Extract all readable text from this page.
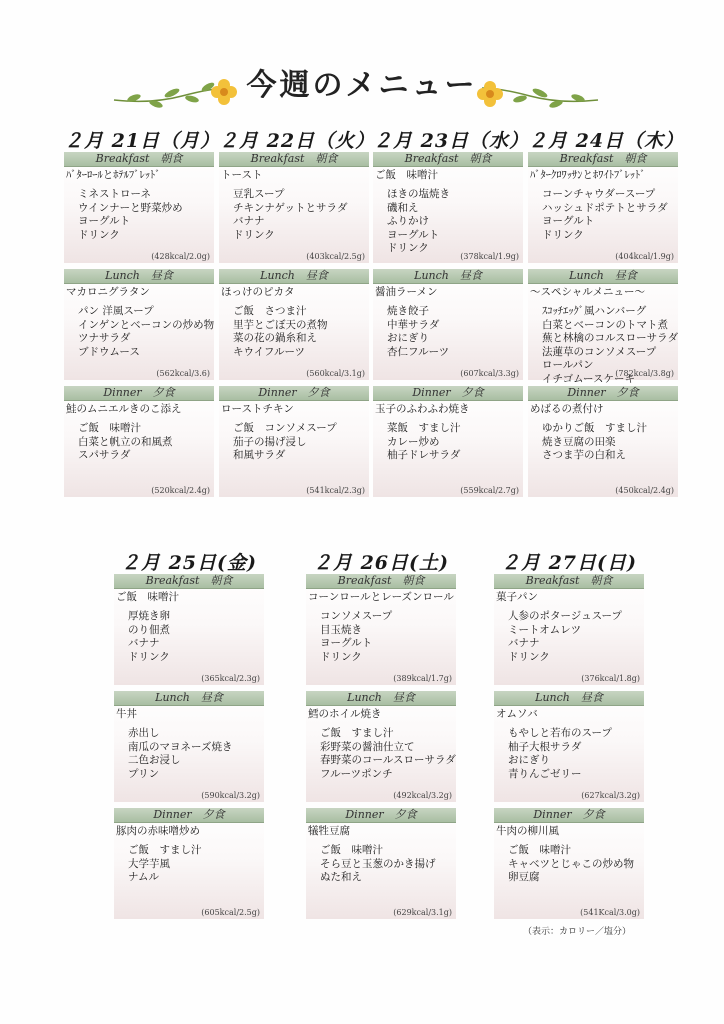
今週のメニュー
２月 21日（月）
Breakfast　朝食
ﾊﾞﾀｰﾛｰﾙとﾎﾃﾙﾌﾞﾚｯﾄﾞ
ミネストローネ
ウインナーと野菜炒め
ヨーグルト
ドリンク
(428kcal/2.0g)
Lunch　昼食
マカロニグラタン
パン 洋風スープ
インゲンとベーコンの炒め物
ツナサラダ
ブドウムース
(562kcal/3.6)
Dinner　夕食
鮭のムニエルきのこ添え
ご飯　味噌汁
白菜と帆立の和風煮
スパサラダ
(520kcal/2.4g)
２月 22日（火）
Breakfast　朝食
トースト
豆乳スープ
チキンナゲットとサラダ
バナナ
ドリンク
(403kcal/2.5g)
Lunch　昼食
ほっけのピカタ
ご飯　さつま汁
里芋とごぼ天の煮物
菜の花の鍋糸和え
キウイフルーツ
(560kcal/3.1g)
Dinner　夕食
ローストチキン
ご飯　コンソメスープ
茄子の揚げ浸し
和風サラダ
(541kcal/2.3g)
２月 23日（水）
Breakfast　朝食
ご飯　味噌汁
ほきの塩焼き
磯和え
ふりかけ
ヨーグルト
ドリンク
(378kcal/1.9g)
Lunch　昼食
醤油ラーメン
焼き餃子
中華サラダ
おにぎり
杏仁フルーツ
(607kcal/3.3g)
Dinner　夕食
玉子のふわふわ焼き
菜飯　すまし汁
カレー炒め
柚子ドレサラダ
(559kcal/2.7g)
２月 24日（木）
Breakfast　朝食
ﾊﾞﾀｰｸﾛﾜｯｻﾝとﾎﾜｲﾄﾌﾞﾚｯﾄﾞ
コーンチャウダースープ
ハッシュドポテトとサラダ
ヨーグルト
ドリンク
(404kcal/1.9g)
Lunch　昼食
～スペシャルメニュー～
ｽｺｯﾁｴｯｸﾞ風ハンバーグ
白菜とベーコンのトマト煮
蕪と林檎のコルスローサラダ
法蓮草のコンソメスープ
ロールパン
イチゴムースケーキ
(782kcal/3.8g)
Dinner　夕食
めばるの煮付け
ゆかりご飯　すまし汁
焼き豆腐の田楽
さつま芋の白和え
(450kcal/2.4g)
２月 25日(金)
Breakfast　朝食
ご飯　味噌汁
厚焼き卵
のり佃煮
バナナ
ドリンク
(365kcal/2.3g)
Lunch　昼食
牛丼
赤出し
南瓜のマヨネーズ焼き
二色お浸し
プリン
(590kcal/3.2g)
Dinner　夕食
豚肉の赤味噌炒め
ご飯　すまし汁
大学芋風
ナムル
(605kcal/2.5g)
２月 26日(土)
Breakfast　朝食
コーンロールとレーズンロール
コンソメスープ
目玉焼き
ヨーグルト
ドリンク
(389kcal/1.7g)
Lunch　昼食
鱈のホイル焼き
ご飯　すまし汁
彩野菜の醤油仕立て
春野菜のコールスローサラダ
フルーツポンチ
(492kcal/3.2g)
Dinner　夕食
犠牲豆腐
ご飯　味噌汁
そら豆と玉葱のかき揚げ
ぬた和え
(629kcal/3.1g)
２月 27日(日)
Breakfast　朝食
菓子パン
人参のポタージュスープ
ミートオムレツ
バナナ
ドリンク
(376kcal/1.8g)
Lunch　昼食
オムソバ
もやしと若布のスープ
柚子大根サラダ
おにぎり
青りんごゼリー
(627kcal/3.2g)
Dinner　夕食
牛肉の柳川風
ご飯　味噌汁
キャベツとじゃこの炒め物
卵豆腐
(541Kcal/3.0g)
（表示：カロリー／塩分）
